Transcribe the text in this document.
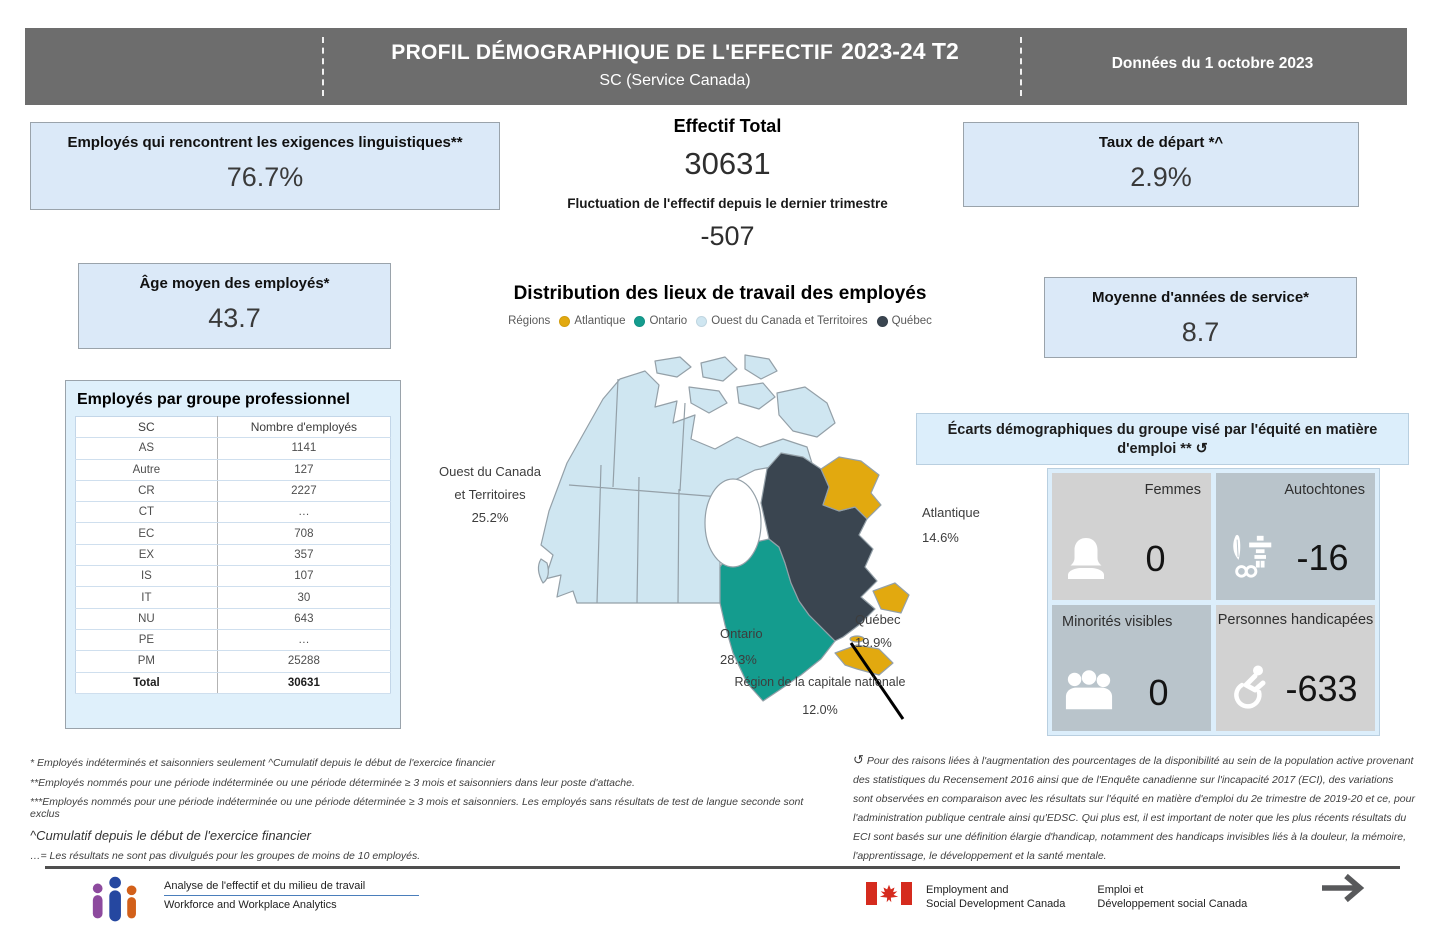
PROFIL DÉMOGRAPHIQUE DE L'EFFECTIF 2023-24 T2
SC (Service Canada)
Données du 1 octobre 2023
Employés qui rencontrent les exigences linguistiques**
76.7%
Effectif Total
30631
Fluctuation de l'effectif depuis le dernier trimestre
-507
Taux de départ *^
2.9%
Âge moyen des employés*
43.7
Moyenne d'années de service*
8.7
Employés par groupe professionnel
SC	Nombre d'employés
AS	1141
Autre	127
CR	2227
CT	…
EC	708
EX	357
IS	107
IT	30
NU	643
PE	…
PM	25288
Total	30631
Distribution des lieux de travail des employés
Régions Atlantique Ontario Ouest du Canada et Territoires Québec
Ouest du Canada
et Territoires
25.2%	Atlantique
14.6%
Québec
19.9%
Ontario
28.3%
Région de la capitale nationale
12.0%
Écarts démographiques du groupe visé par l'équité en matière d'emploi ** ↺
Femmes
0
Autochtones
-16
Minorités visibles
0
Personnes handicapées
-633
* Employés indéterminés et saisonniers seulement ^Cumulatif depuis le début de l'exercice financier
**Employés nommés pour une période indéterminée ou une période déterminée ≥ 3 mois et saisonniers dans leur poste d'attache.
***Employés nommés pour une période indéterminée ou une période déterminée ≥ 3 mois et saisonniers. Les employés sans résultats de test de langue seconde sont exclus
^Cumulatif depuis le début de l'exercice financier
…= Les résultats ne sont pas divulgués pour les groupes de moins de 10 employés.
↺ Pour des raisons liées à l'augmentation des pourcentages de la disponibilité au sein de la population active provenant des statistiques du Recensement 2016 ainsi que de l'Enquête canadienne sur l'incapacité 2017 (ECI), des variations sont observées en comparaison avec les résultats sur l'équité en matière d'emploi du 2e trimestre de 2019-20 et ce, pour l'administration publique centrale ainsi qu'EDSC. Qui plus est, il est important de noter que les plus récents résultats du ECI sont basés sur une définition élargie d'handicap, notamment des handicaps invisibles liés à la douleur, la mémoire, l'apprentissage, le développement et la santé mentale.
Analyse de l'effectif et du milieu de travail
Workforce and Workplace Analytics
Employment and
Social Development Canada
Emploi et
Développement social Canada
